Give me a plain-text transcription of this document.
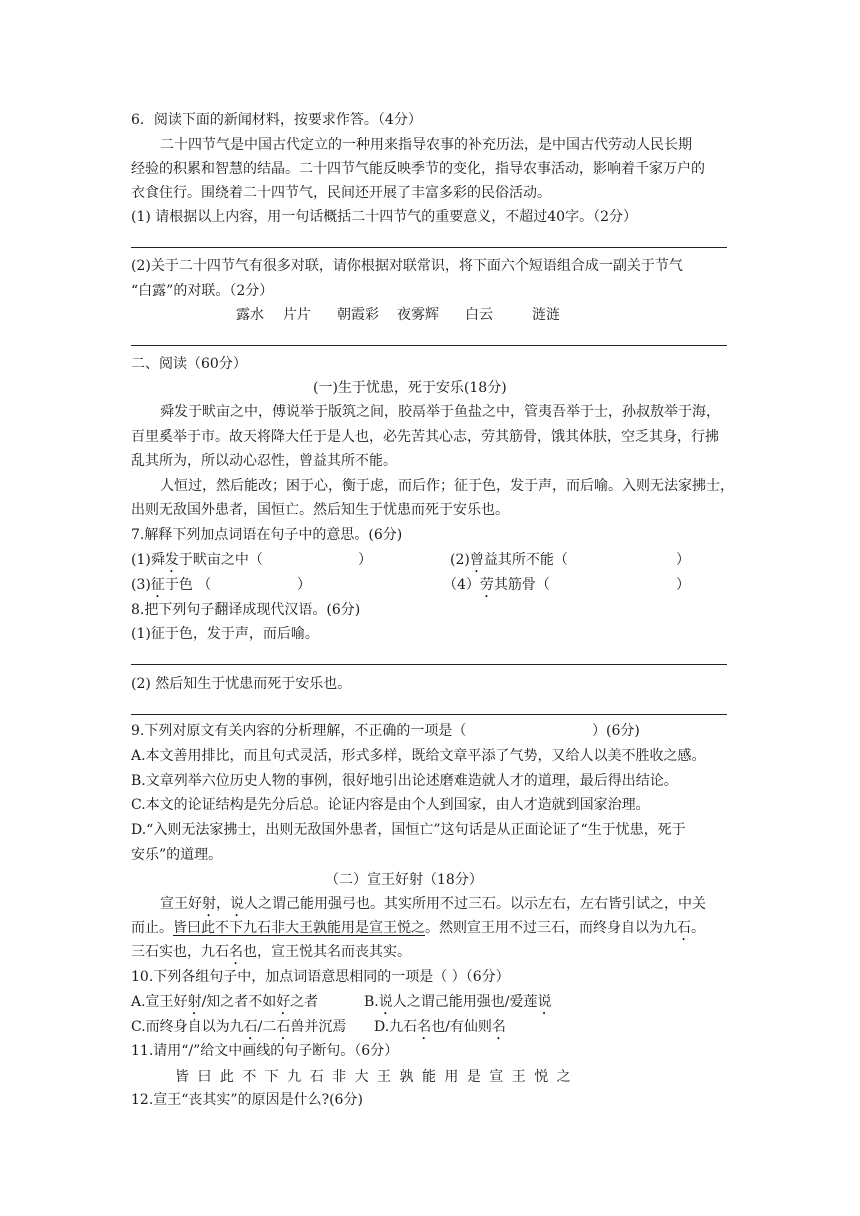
6．阅读下面的新闻材料，按要求作答。（4分）
二十四节气是中国古代定立的一种用来指导农事的补充历法，是中国古代劳动人民长期
经验的积累和智慧的结晶。二十四节气能反映季节的变化，指导农事活动，影响着千家万户的
衣食住行。围绕着二十四节气，民间还开展了丰富多彩的民俗活动。
(1) 请根据以上内容，用一句话概括二十四节气的重要意义，不超过40字。（2分）
(2)关于二十四节气有很多对联，请你根据对联常识，将下面六个短语组合成一副关于节气
“白露”的对联。（2分）
露水 片片 朝霞彩 夜雾辉 白云	涟涟
二、阅读（60分）
(一)生于忧患，死于安乐(18分)
舜发于畎亩之中，傅说举于版筑之间，胶鬲举于鱼盐之中，管夷吾举于士，孙叔敖举于海，
百里奚举于市。故天将降大任于是人也，必先苦其心志，劳其筋骨，饿其体肤，空乏其身，行拂
乱其所为，所以动心忍性，曾益其所不能。
人恒过，然后能改；困于心，衡于虑，而后作；征于色，发于声，而后喻。入则无法家拂士，
出则无敌国外患者，国恒亡。然后知生于忧患而死于安乐也。
7.解释下列加点词语在句子中的意思。(6分)
(1)舜发于畎亩之中（	）	(2)曾益其所不能（	）
(3)征于色 （	）	（4）劳其筋骨（	）
8.把下列句子翻译成现代汉语。(6分)
(1)征于色，发于声，而后喻。
(2) 然后知生于忧患而死于安乐也。
9.下列对原文有关内容的分析理解，不正确的一项是（	）(6分)
A.本文善用排比，而且句式灵活，形式多样，既给文章平添了气势，又给人以美不胜收之感。
B.文章列举六位历史人物的事例，很好地引出论述磨难造就人才的道理，最后得出结论。
C.本文的论证结构是先分后总。论证内容是由个人到国家，由人才造就到国家治理。
D.“入则无法家拂士，出则无敌国外患者，国恒亡”这句话是从正面论证了“生于忧患，死于
安乐”的道理。
（二）宣王好射（18分）
宣王好射，说人之谓己能用强弓也。其实所用不过三石。以示左右，左右皆引试之，中关
而止。皆曰此不下九石非大王孰能用是宣王悦之。然则宣王用不过三石，而终身自以为九石。
三石实也，九石名也，宣王悦其名而丧其实。
10.下列各组句子中，加点词语意思相同的一项是（ ）（6分）
A.宣王好射/知之者不如好之者	B.说人之谓己能用强也/爱莲说
C.而终身自以为九石/二石兽并沉焉 D.九石名也/有仙则名
11.请用“/”给文中画线的句子断句。（6分）
皆 曰 此 不 下 九 石 非 大 王 孰 能 用 是 宣 王 悦 之
12.宣王“丧其实”的原因是什么?(6分)
